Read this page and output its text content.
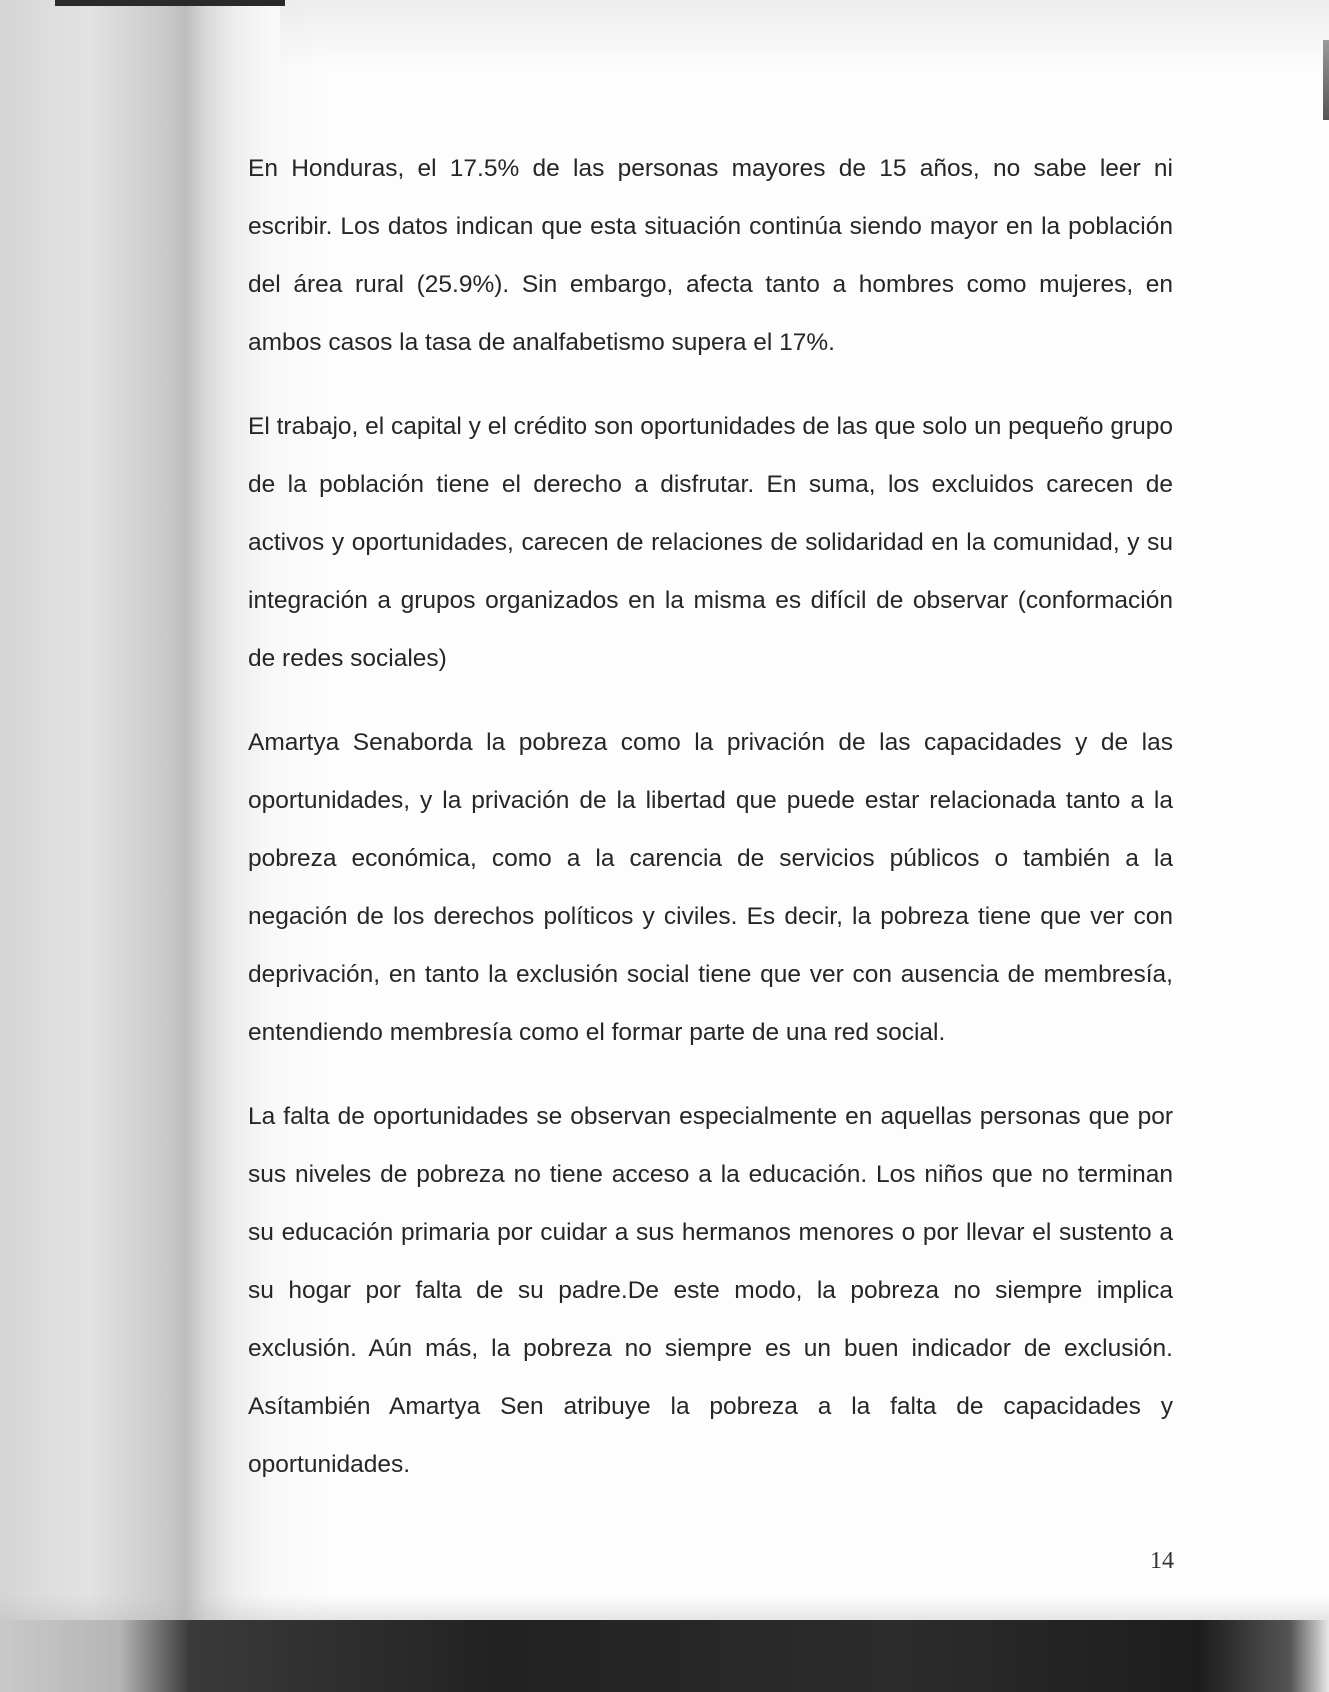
En Honduras, el 17.5% de las personas mayores de 15 años, no sabe leer ni escribir. Los datos indican que esta situación continúa siendo mayor en la población del área rural (25.9%). Sin embargo, afecta tanto a hombres como mujeres, en ambos casos la tasa de analfabetismo supera el 17%.

El trabajo, el capital y el crédito son oportunidades de las que solo un pequeño grupo de la población tiene el derecho a disfrutar. En suma, los excluidos carecen de activos y oportunidades, carecen de relaciones de solidaridad en la comunidad, y su integración a grupos organizados en la misma es difícil de observar (conformación de redes sociales)

Amartya Senaborda la pobreza como la privación de las capacidades y de las oportunidades, y la privación de la libertad que puede estar relacionada tanto a la pobreza económica, como a la carencia de servicios públicos o también a la negación de los derechos políticos y civiles. Es decir, la pobreza tiene que ver con deprivación, en tanto la exclusión social tiene que ver con ausencia de membresía, entendiendo membresía como el formar parte de una red social.

La falta de oportunidades se observan especialmente en aquellas personas que por sus niveles de pobreza no tiene acceso a la educación. Los niños que no terminan su educación primaria por cuidar a sus hermanos menores o por llevar el sustento a su hogar por falta de su padre.De este modo, la pobreza no siempre implica exclusión. Aún más, la pobreza no siempre es un buen indicador de exclusión. Asítambién Amartya Sen atribuye la pobreza a la falta de capacidades y oportunidades.

14
